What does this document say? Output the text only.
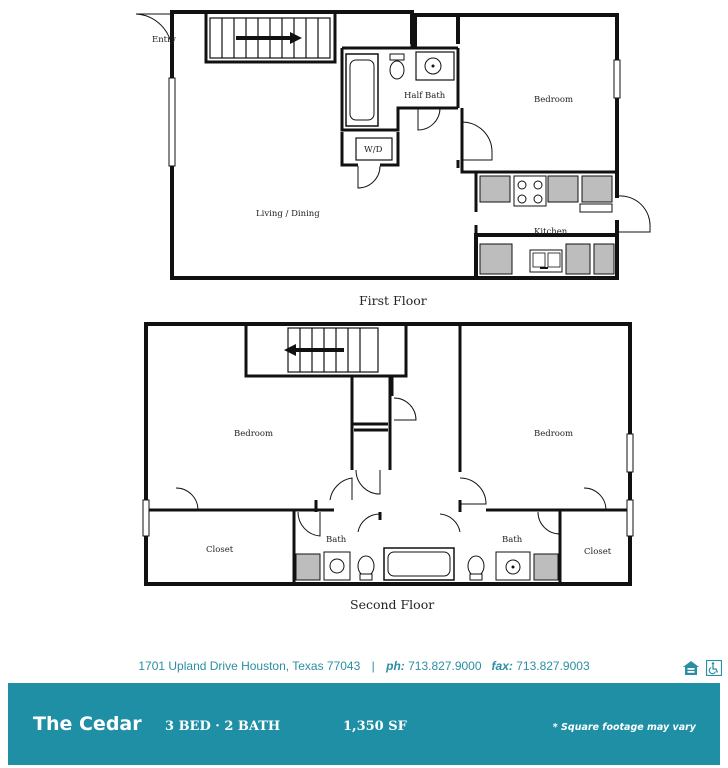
Entry
Half Bath	Bedroom
W/D
Living / Dining
Kitchen
First Floor
Bedroom	Bedroom
Closet
Bath	Bath
Closet
Second Floor
1701 Upland Drive Houston, Texas 77043 | ph: 713.827.9000 fax: 713.827.9003
The Cedar 3 BED · 2 BATH	1,350 SF	* Square footage may vary
